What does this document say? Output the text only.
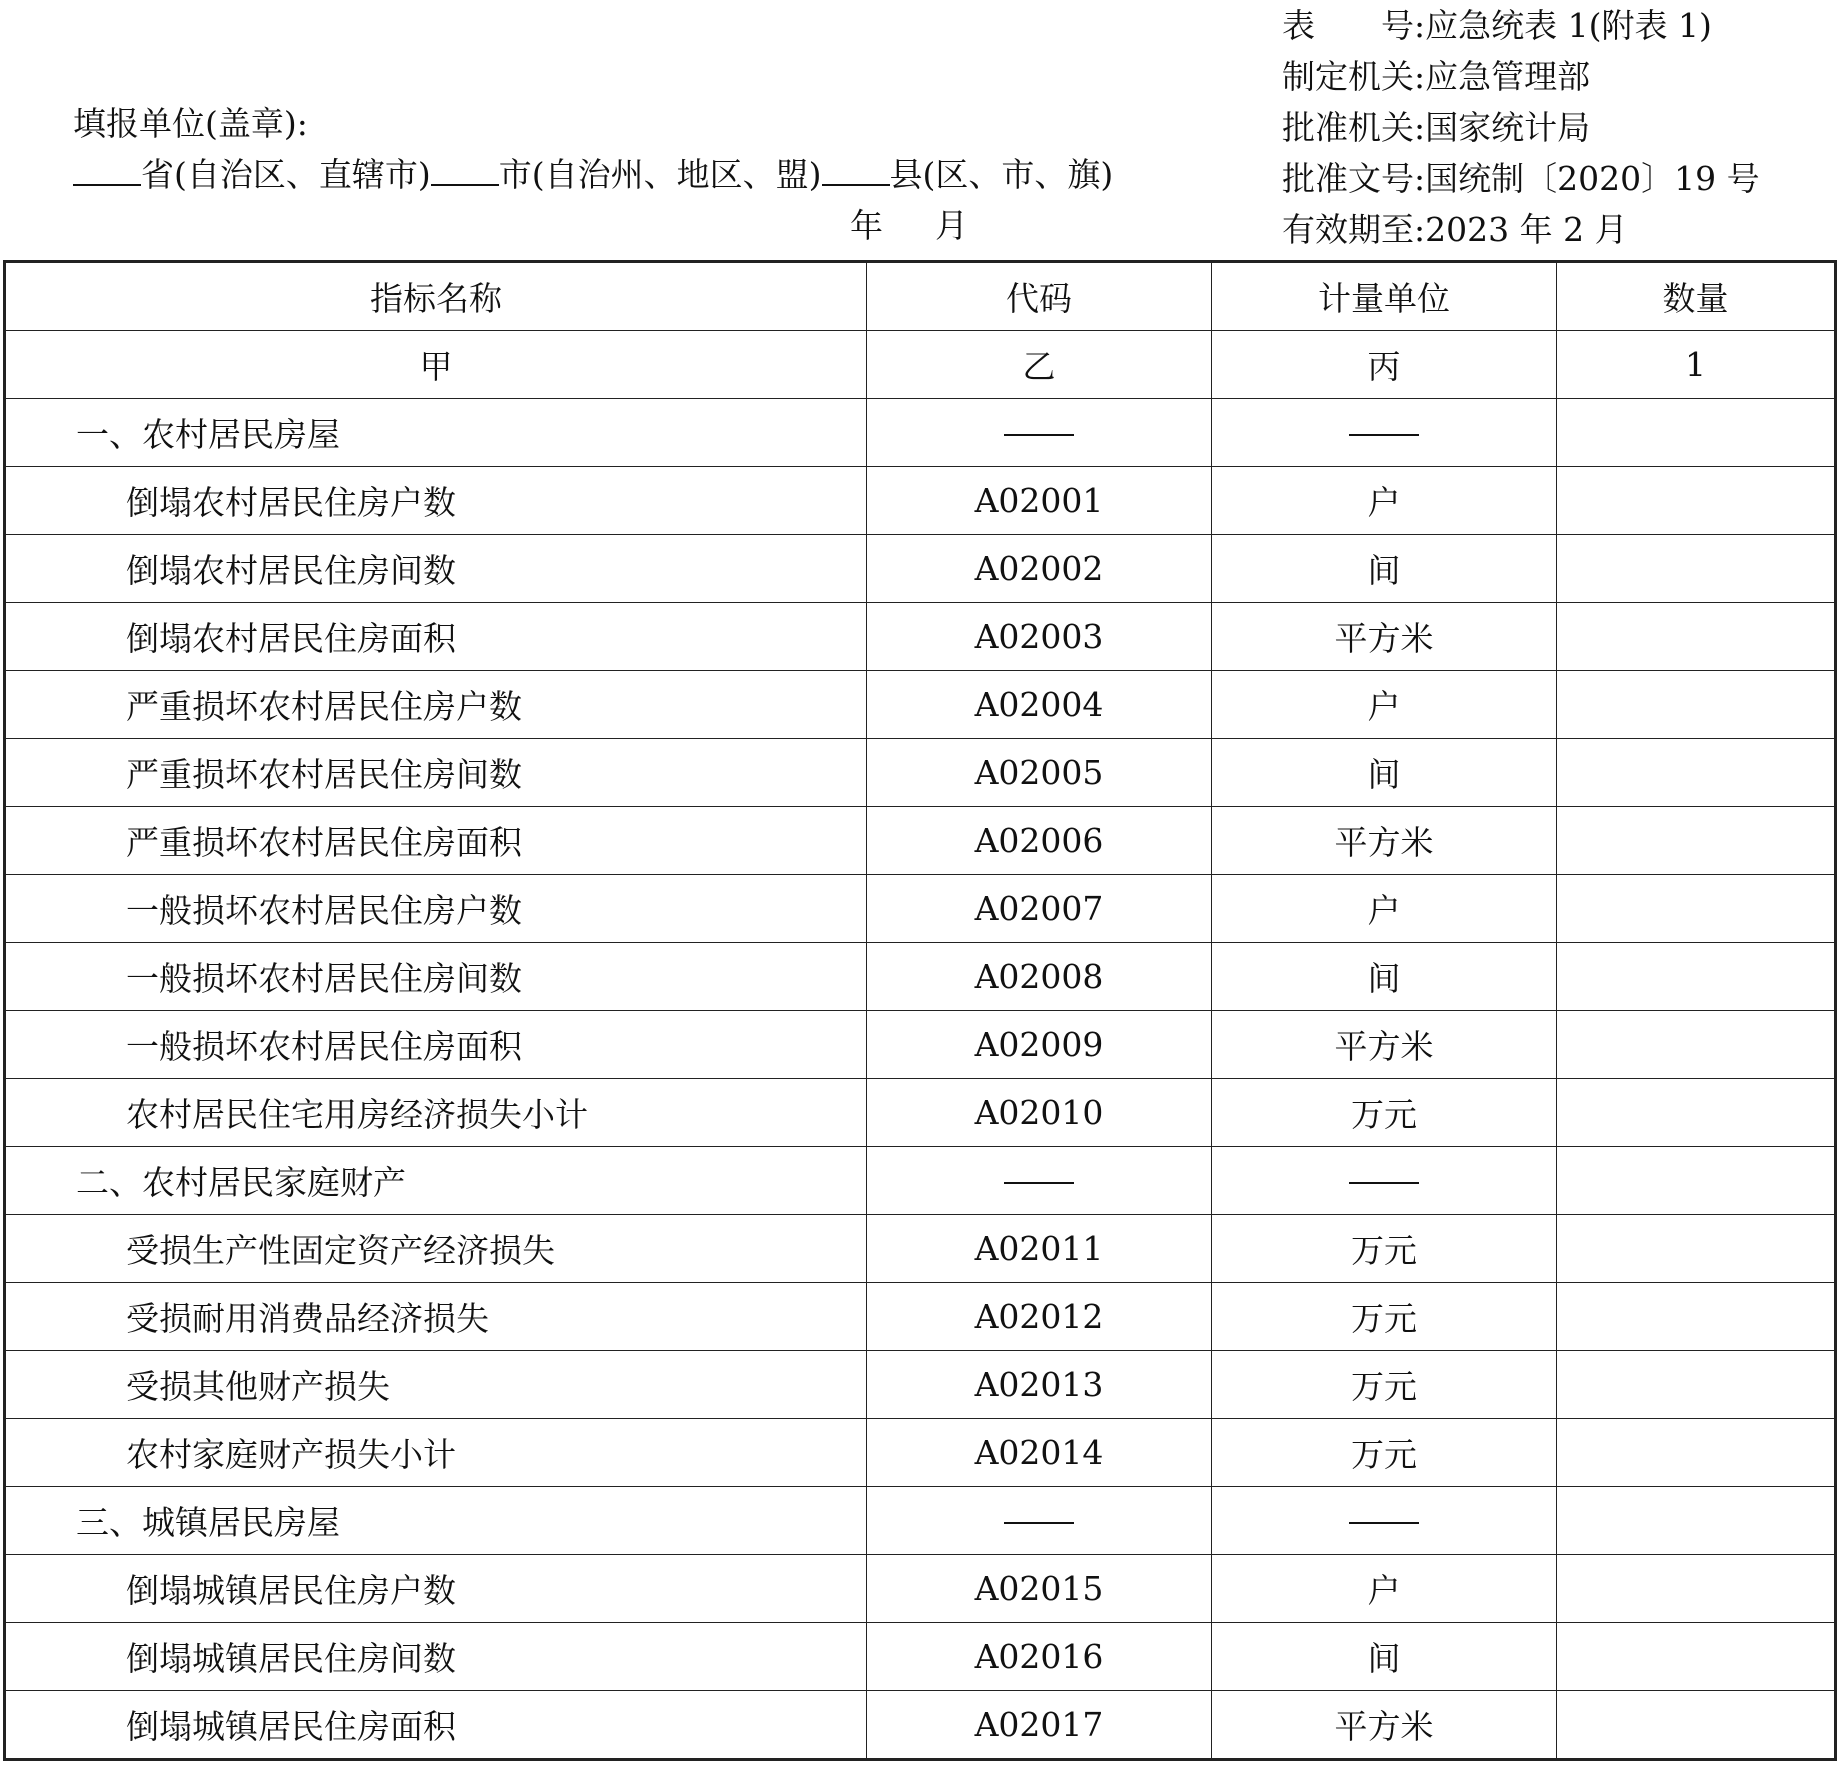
表　　号:应急统表 1(附表 1)
制定机关:应急管理部
批准机关:国家统计局
批准文号:国统制〔2020〕19 号
有效期至:2023 年 2 月
填报单位(盖章):
省(自治区、直辖市) 市(自治州、地区、盟) 县(区、市、旗)
年 月
指标名称	代码	计量单位	数量
甲	乙	丙	1
一、农村居民房屋			
倒塌农村居民住房户数	A02001	户	
倒塌农村居民住房间数	A02002	间	
倒塌农村居民住房面积	A02003	平方米	
严重损坏农村居民住房户数	A02004	户	
严重损坏农村居民住房间数	A02005	间	
严重损坏农村居民住房面积	A02006	平方米	
一般损坏农村居民住房户数	A02007	户	
一般损坏农村居民住房间数	A02008	间	
一般损坏农村居民住房面积	A02009	平方米	
农村居民住宅用房经济损失小计	A02010	万元	
二、农村居民家庭财产			
受损生产性固定资产经济损失	A02011	万元	
受损耐用消费品经济损失	A02012	万元	
受损其他财产损失	A02013	万元	
农村家庭财产损失小计	A02014	万元	
三、城镇居民房屋			
倒塌城镇居民住房户数	A02015	户	
倒塌城镇居民住房间数	A02016	间	
倒塌城镇居民住房面积	A02017	平方米	
